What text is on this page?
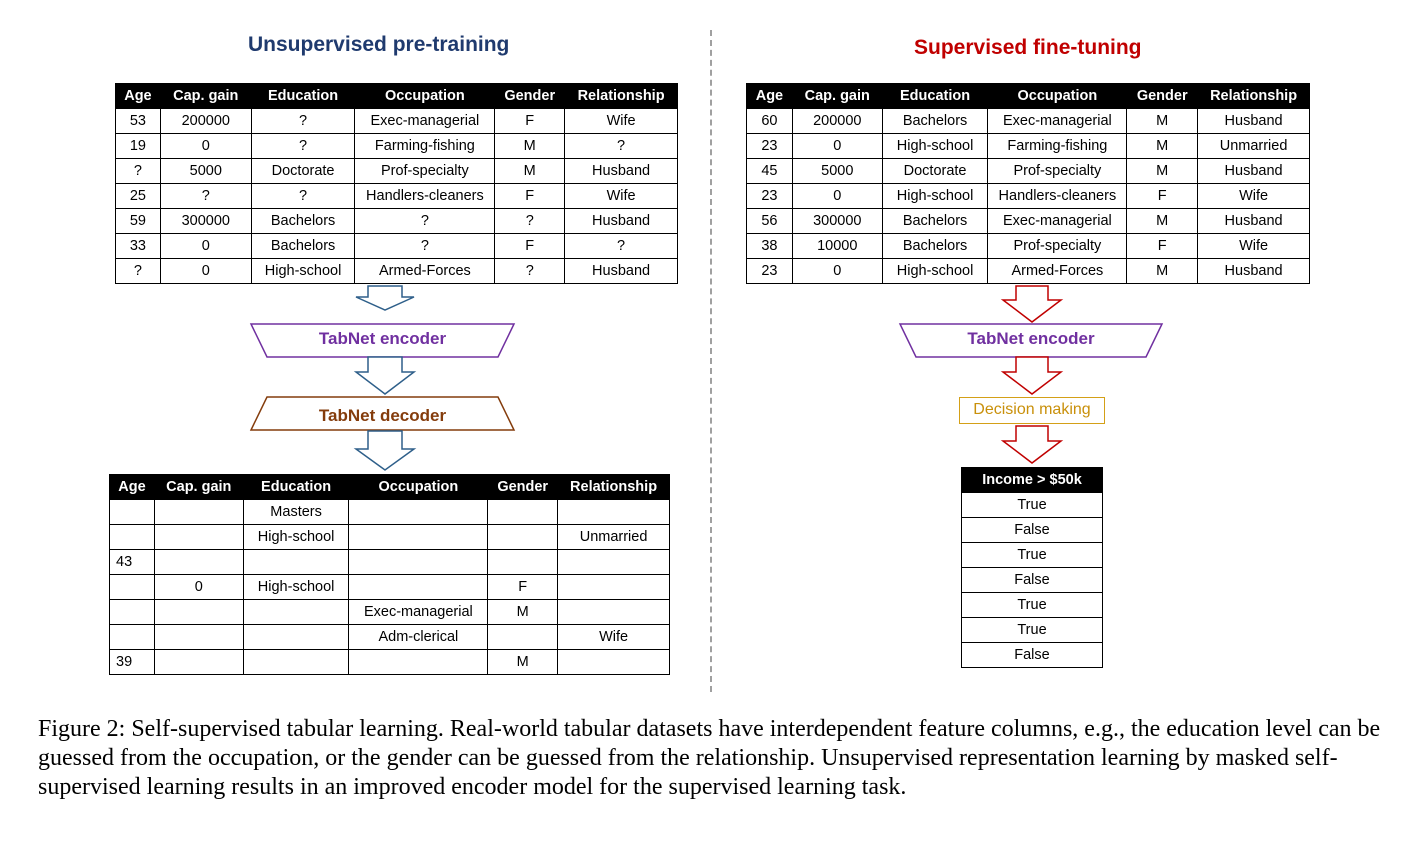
Unsupervised pre-training	Supervised fine-tuning
TabNet encoder
TabNet decoder
TabNet encoder
Decision making
Age	Cap. gain	Education	Occupation	Gender	Relationship
53	200000	?	Exec-managerial	F	Wife
19	0	?	Farming-fishing	M	?
?	5000	Doctorate	Prof-specialty	M	Husband
25	?	?	Handlers-cleaners	F	Wife
59	300000	Bachelors	?	?	Husband
33	0	Bachelors	?	F	?
?	0	High-school	Armed-Forces	?	Husband
Age	Cap. gain	Education	Occupation	Gender	Relationship
60	200000	Bachelors	Exec-managerial	M	Husband
23	0	High-school	Farming-fishing	M	Unmarried
45	5000	Doctorate	Prof-specialty	M	Husband
23	0	High-school	Handlers-cleaners	F	Wife
56	300000	Bachelors	Exec-managerial	M	Husband
38	10000	Bachelors	Prof-specialty	F	Wife
23	0	High-school	Armed-Forces	M	Husband
Age	Cap. gain	Education	Occupation	Gender	Relationship
		Masters			
		High-school			Unmarried
43					
	0	High-school		F	
			Exec-managerial	M	
			Adm-clerical		Wife
39				M	
Income > $50k
True
False
True
False
True
True
False
Figure 2: Self-supervised tabular learning. Real-world tabular datasets have interdependent feature columns, e.g., the education level can be guessed from the occupation, or the gender can be guessed from the relationship. Unsupervised representation learning by masked self-supervised learning results in an improved encoder model for the supervised learning task.
